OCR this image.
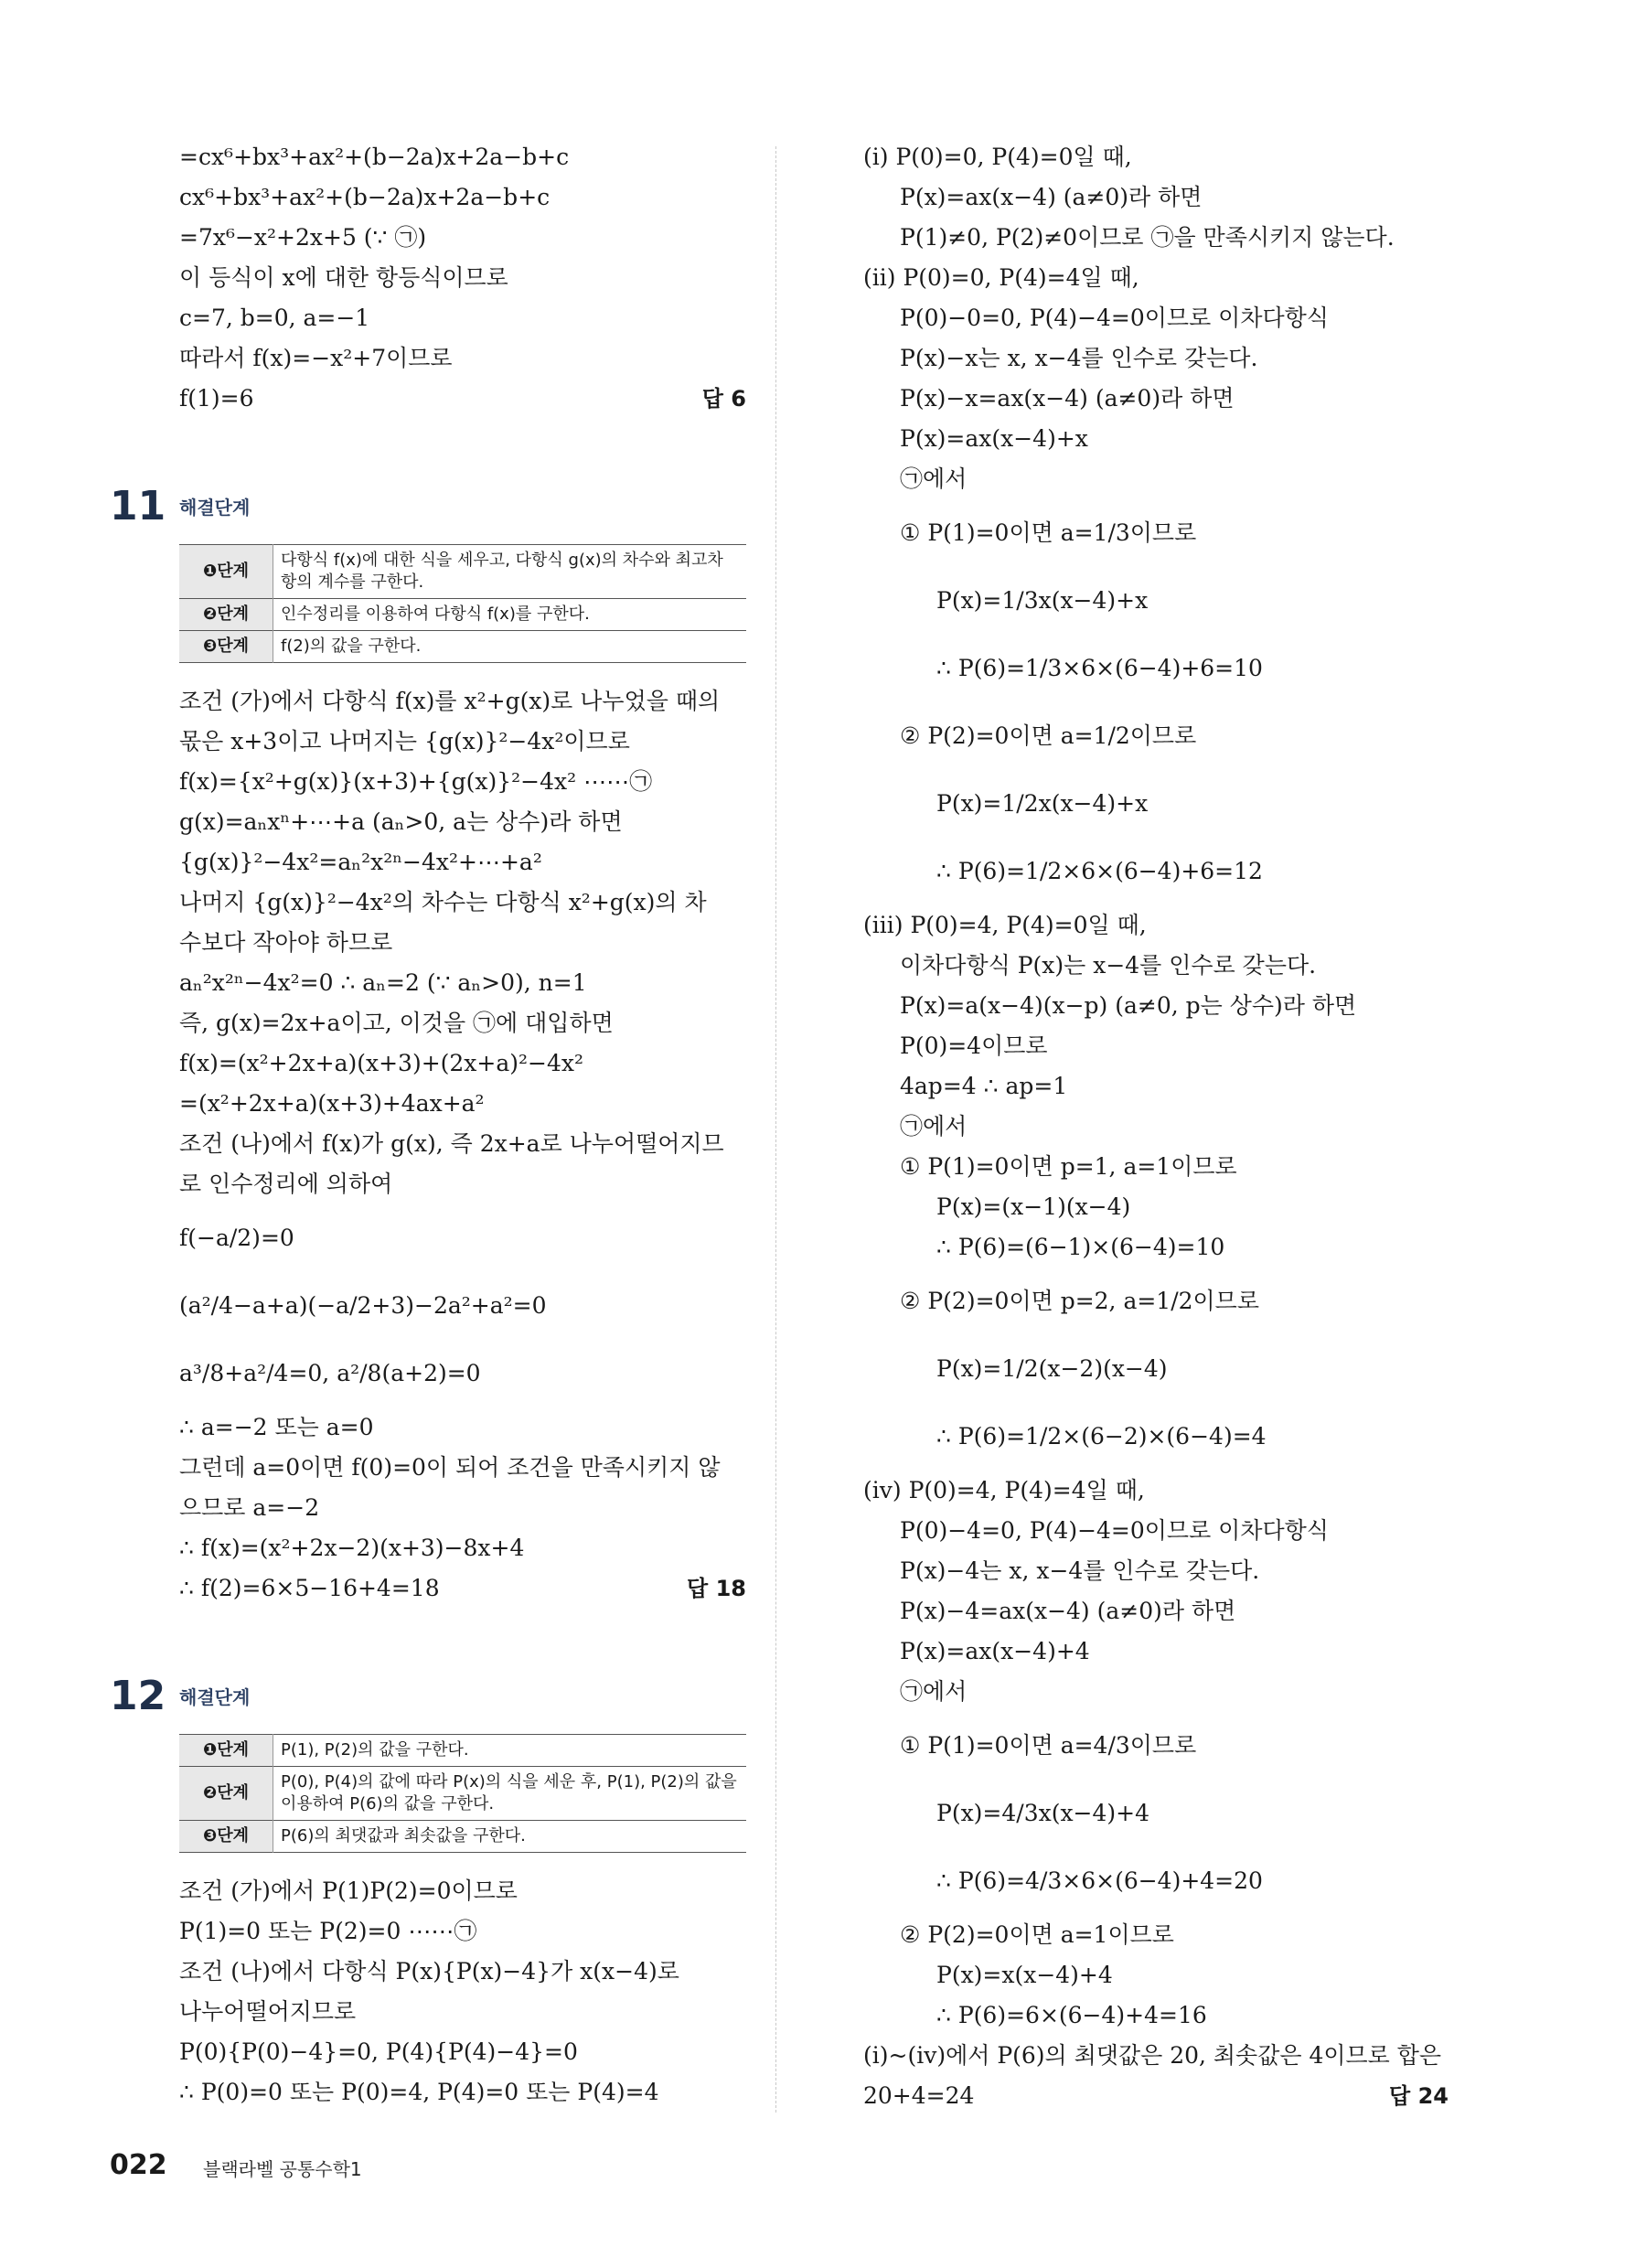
=cx⁶+bx³+ax²+(b−2a)x+2a−b+c
cx⁶+bx³+ax²+(b−2a)x+2a−b+c
=7x⁶−x²+2x+5 (∵ ㉠)
이 등식이 x에 대한 항등식이므로
c=7, b=0, a=−1
따라서 f(x)=−x²+7이므로
f(1)=6	답 6
11 해결단계
❶단계	다항식 f(x)에 대한 식을 세우고, 다항식 g(x)의 차수와 최고차항의 계수를 구한다.
❷단계	인수정리를 이용하여 다항식 f(x)를 구한다.
❸단계	f(2)의 값을 구한다.
조건 (가)에서 다항식 f(x)를 x²+g(x)로 나누었을 때의
몫은 x+3이고 나머지는 {g(x)}²−4x²이므로
f(x)={x²+g(x)}(x+3)+{g(x)}²−4x² ⋯⋯㉠
g(x)=aₙxⁿ+⋯+a (aₙ>0, a는 상수)라 하면
{g(x)}²−4x²=aₙ²x²ⁿ−4x²+⋯+a²
나머지 {g(x)}²−4x²의 차수는 다항식 x²+g(x)의 차
수보다 작아야 하므로
aₙ²x²ⁿ−4x²=0 ∴ aₙ=2 (∵ aₙ>0), n=1
즉, g(x)=2x+a이고, 이것을 ㉠에 대입하면
f(x)=(x²+2x+a)(x+3)+(2x+a)²−4x²
=(x²+2x+a)(x+3)+4ax+a²
조건 (나)에서 f(x)가 g(x), 즉 2x+a로 나누어떨어지므
로 인수정리에 의하여
f(−a/2)=0
(a²/4−a+a)(−a/2+3)−2a²+a²=0
a³/8+a²/4=0, a²/8(a+2)=0
∴ a=−2 또는 a=0
그런데 a=0이면 f(0)=0이 되어 조건을 만족시키지 않
으므로 a=−2
∴ f(x)=(x²+2x−2)(x+3)−8x+4
∴ f(2)=6×5−16+4=18	답 18
12 해결단계
❶단계	P(1), P(2)의 값을 구한다.
❷단계	P(0), P(4)의 값에 따라 P(x)의 식을 세운 후, P(1), P(2)의 값을 이용하여 P(6)의 값을 구한다.
❸단계	P(6)의 최댓값과 최솟값을 구한다.
조건 (가)에서 P(1)P(2)=0이므로
P(1)=0 또는 P(2)=0 ⋯⋯㉠
조건 (나)에서 다항식 P(x){P(x)−4}가 x(x−4)로
나누어떨어지므로
P(0){P(0)−4}=0, P(4){P(4)−4}=0
∴ P(0)=0 또는 P(0)=4, P(4)=0 또는 P(4)=4
(ⅰ) P(0)=0, P(4)=0일 때,
P(x)=ax(x−4) (a≠0)라 하면
P(1)≠0, P(2)≠0이므로 ㉠을 만족시키지 않는다.
(ⅱ) P(0)=0, P(4)=4일 때,
P(0)−0=0, P(4)−4=0이므로 이차다항식
P(x)−x는 x, x−4를 인수로 갖는다.
P(x)−x=ax(x−4) (a≠0)라 하면
P(x)=ax(x−4)+x
㉠에서
① P(1)=0이면 a=1/3이므로
P(x)=1/3x(x−4)+x
∴ P(6)=1/3×6×(6−4)+6=10
② P(2)=0이면 a=1/2이므로
P(x)=1/2x(x−4)+x
∴ P(6)=1/2×6×(6−4)+6=12
(ⅲ) P(0)=4, P(4)=0일 때,
이차다항식 P(x)는 x−4를 인수로 갖는다.
P(x)=a(x−4)(x−p) (a≠0, p는 상수)라 하면
P(0)=4이므로
4ap=4 ∴ ap=1
㉠에서
① P(1)=0이면 p=1, a=1이므로
P(x)=(x−1)(x−4)
∴ P(6)=(6−1)×(6−4)=10
② P(2)=0이면 p=2, a=1/2이므로
P(x)=1/2(x−2)(x−4)
∴ P(6)=1/2×(6−2)×(6−4)=4
(ⅳ) P(0)=4, P(4)=4일 때,
P(0)−4=0, P(4)−4=0이므로 이차다항식
P(x)−4는 x, x−4를 인수로 갖는다.
P(x)−4=ax(x−4) (a≠0)라 하면
P(x)=ax(x−4)+4
㉠에서
① P(1)=0이면 a=4/3이므로
P(x)=4/3x(x−4)+4
∴ P(6)=4/3×6×(6−4)+4=20
② P(2)=0이면 a=1이므로
P(x)=x(x−4)+4
∴ P(6)=6×(6−4)+4=16
(ⅰ)~(ⅳ)에서 P(6)의 최댓값은 20, 최솟값은 4이므로 합은
20+4=24	답 24
022 블랙라벨 공통수학1
